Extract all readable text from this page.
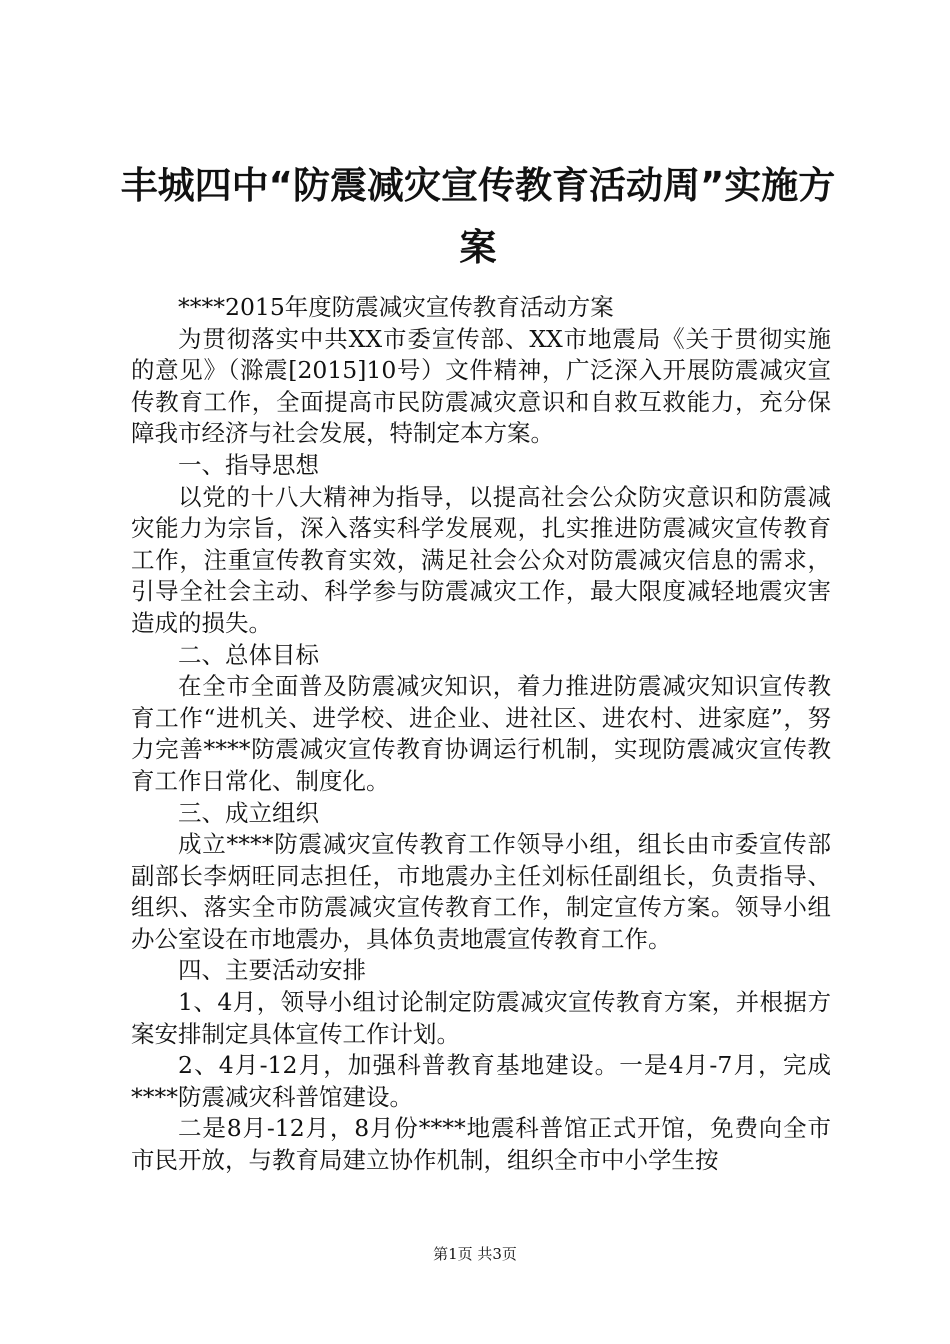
丰城四中“防震减灾宣传教育活动周”实施方案

****2015年度防震减灾宣传教育活动方案

为贯彻落实中共XX市委宣传部、XX市地震局《关于贯彻实施的意见》（滁震[2015]10号）文件精神，广泛深入开展防震减灾宣传教育工作，全面提高市民防震减灾意识和自救互救能力，充分保障我市经济与社会发展，特制定本方案。

一、指导思想

以党的十八大精神为指导，以提高社会公众防灾意识和防震减灾能力为宗旨，深入落实科学发展观，扎实推进防震减灾宣传教育工作，注重宣传教育实效，满足社会公众对防震减灾信息的需求，引导全社会主动、科学参与防震减灾工作，最大限度减轻地震灾害造成的损失。

二、总体目标

在全市全面普及防震减灾知识，着力推进防震减灾知识宣传教育工作“进机关、进学校、进企业、进社区、进农村、进家庭”，努力完善****防震减灾宣传教育协调运行机制，实现防震减灾宣传教育工作日常化、制度化。

三、成立组织

成立****防震减灾宣传教育工作领导小组，组长由市委宣传部副部长李炳旺同志担任，市地震办主任刘标任副组长，负责指导、组织、落实全市防震减灾宣传教育工作，制定宣传方案。领导小组办公室设在市地震办，具体负责地震宣传教育工作。

四、主要活动安排

1、4月，领导小组讨论制定防震减灾宣传教育方案，并根据方案安排制定具体宣传工作计划。

2、4月-12月，加强科普教育基地建设。一是4月-7月，完成****防震减灾科普馆建设。

二是8月-12月，8月份****地震科普馆正式开馆，免费向全市市民开放，与教育局建立协作机制，组织全市中小学生按

第1页 共3页
